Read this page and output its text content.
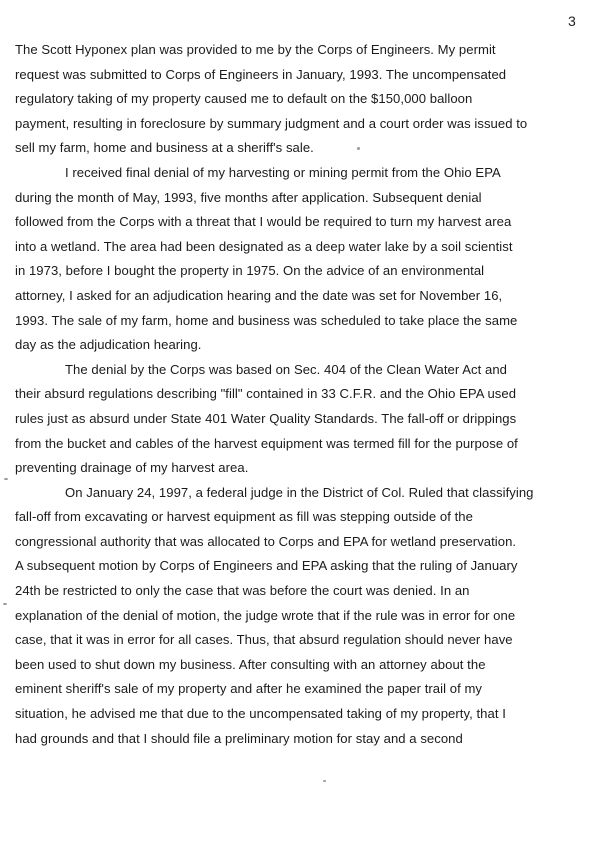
3
The Scott Hyponex plan was provided to me by the Corps of Engineers. My permit
request was submitted to Corps of Engineers in January, 1993. The uncompensated
regulatory taking of my property caused me to default on the $150,000 balloon
payment, resulting in foreclosure by summary judgment and a court order was issued to
sell my farm, home and business at a sheriff's sale.
I received final denial of my harvesting or mining permit from the Ohio EPA
during the month of May, 1993, five months after application. Subsequent denial
followed from the Corps with a threat that I would be required to turn my harvest area
into a wetland. The area had been designated as a deep water lake by a soil scientist
in 1973, before I bought the property in 1975. On the advice of an environmental
attorney, I asked for an adjudication hearing and the date was set for November 16,
1993. The sale of my farm, home and business was scheduled to take place the same
day as the adjudication hearing.
The denial by the Corps was based on Sec. 404 of the Clean Water Act and
their absurd regulations describing "fill" contained in 33 C.F.R. and the Ohio EPA used
rules just as absurd under State 401 Water Quality Standards. The fall-off or drippings
from the bucket and cables of the harvest equipment was termed fill for the purpose of
preventing drainage of my harvest area.
On January 24, 1997, a federal judge in the District of Col. Ruled that classifying
fall-off from excavating or harvest equipment as fill was stepping outside of the
congressional authority that was allocated to Corps and EPA for wetland preservation.
A subsequent motion by Corps of Engineers and EPA asking that the ruling of January
24th be restricted to only the case that was before the court was denied. In an
explanation of the denial of motion, the judge wrote that if the rule was in error for one
case, that it was in error for all cases. Thus, that absurd regulation should never have
been used to shut down my business. After consulting with an attorney about the
eminent sheriff's sale of my property and after he examined the paper trail of my
situation, he advised me that due to the uncompensated taking of my property, that I
had grounds and that I should file a preliminary motion for stay and a second
